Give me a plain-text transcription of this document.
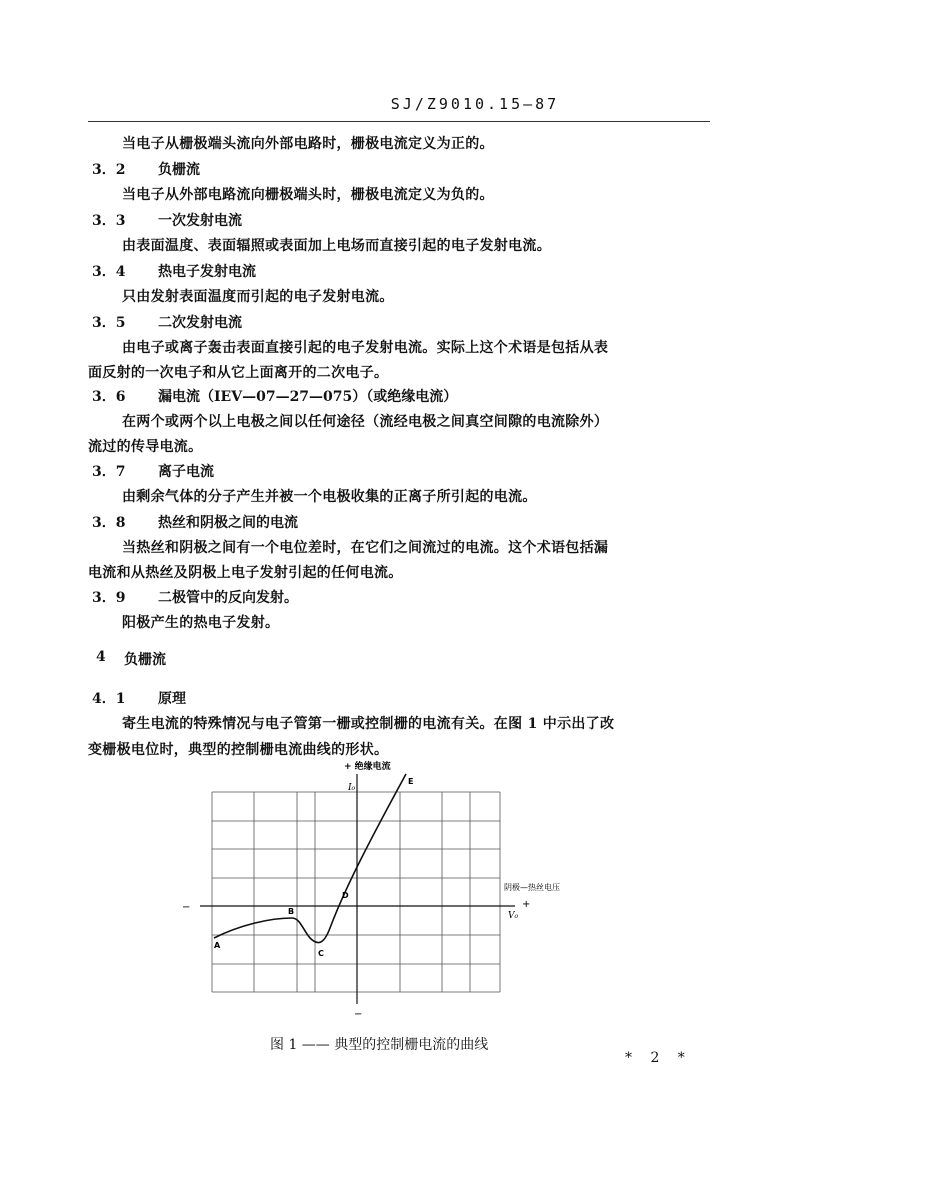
SJ/Z9010.15—87
当电子从栅极端头流向外部电路时，栅极电流定义为正的。
3．2 负栅流
当电子从外部电路流向栅极端头时，栅极电流定义为负的。
3．3 一次发射电流
由表面温度、表面辐照或表面加上电场而直接引起的电子发射电流。
3．4 热电子发射电流
只由发射表面温度而引起的电子发射电流。
3．5 二次发射电流
由电子或离子轰击表面直接引起的电子发射电流。实际上这个术语是包括从表
面反射的一次电子和从它上面离开的二次电子。
3．6 漏电流（IEV—07—27—075）（或绝缘电流）
在两个或两个以上电极之间以任何途径（流经电极之间真空间隙的电流除外）
流过的传导电流。
3．7 离子电流
由剩余气体的分子产生并被一个电极收集的正离子所引起的电流。
3．8 热丝和阴极之间的电流
当热丝和阴极之间有一个电位差时，在它们之间流过的电流。这个术语包括漏
电流和从热丝及阴极上电子发射引起的任何电流。
3．9 二极管中的反向发射。
阳极产生的热电子发射。
4 负栅流
4．1 原理
寄生电流的特殊情况与电子管第一栅或控制栅的电流有关。在图 1 中示出了改
变栅极电位时，典型的控制栅电流曲线的形状。
+ 绝缘电流
I₀
−
阴极—热丝电压
+
−
V₀
A
B
C
D
E
图 1 —— 典型的控制栅电流的曲线
* 2 *
